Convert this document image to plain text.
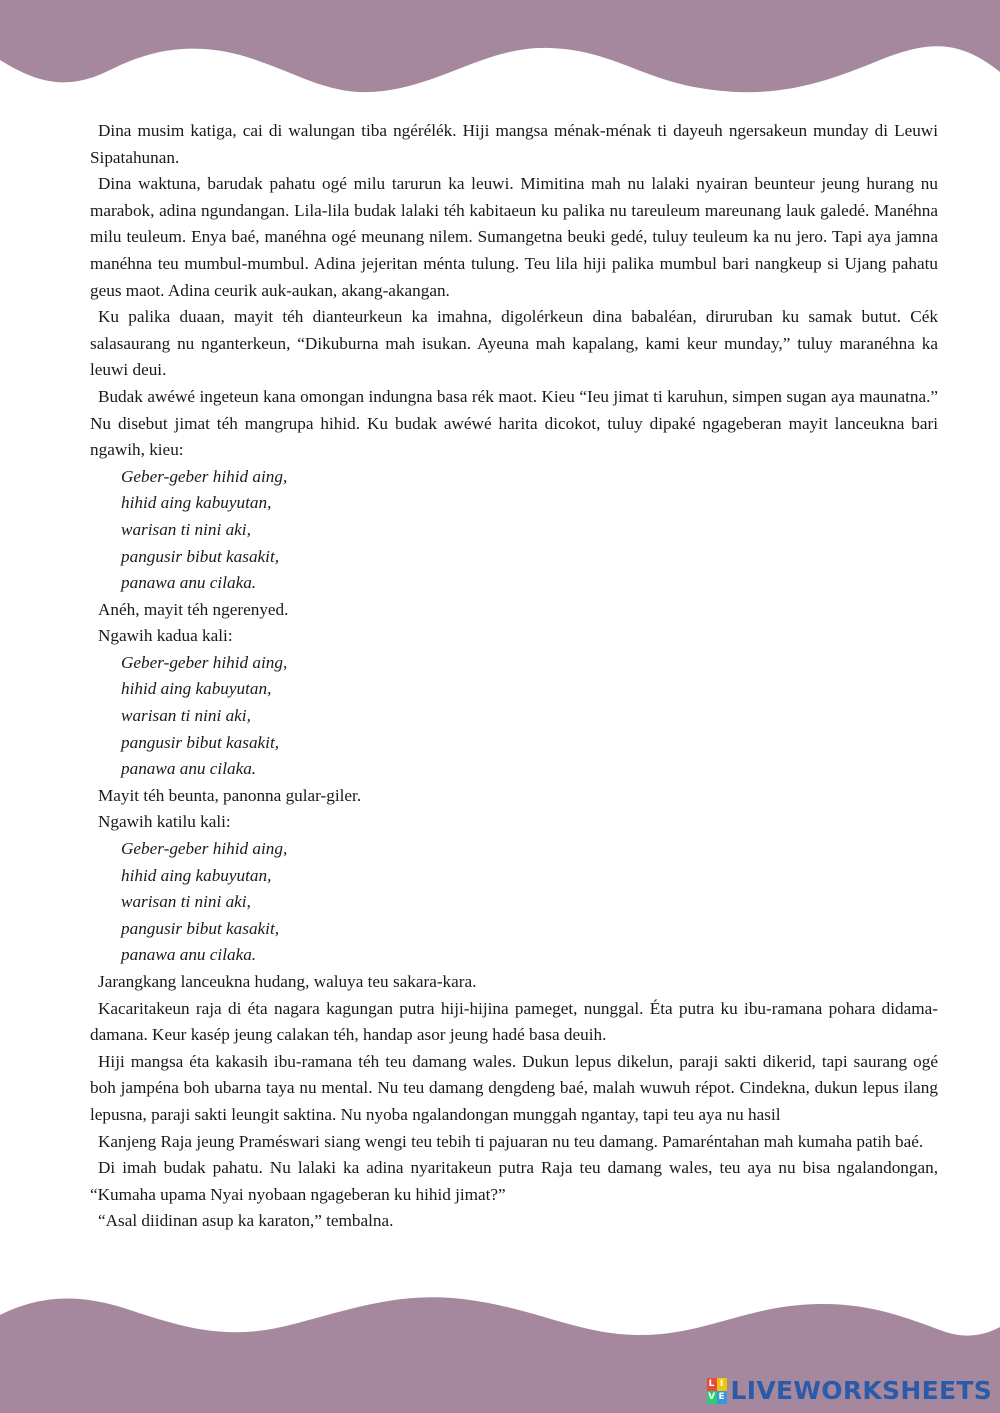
Dina musim katiga, cai di walungan tiba ngérélék. Hiji mangsa ménak-ménak ti dayeuh ngersakeun munday di Leuwi Sipatahunan.

Dina waktuna, barudak pahatu ogé milu tarurun ka leuwi. Mimitina mah nu lalaki nyairan beunteur jeung hurang nu marabok, adina ngundangan. Lila-lila budak lalaki téh kabitaeun ku palika nu tareuleum mareunang lauk galedé. Manéhna milu teuleum. Enya baé, manéhna ogé meunang nilem. Sumangetna beuki gedé, tuluy teuleum ka nu jero. Tapi aya jamna manéhna teu mumbul-mumbul. Adina jejeritan ménta tulung. Teu lila hiji palika mumbul bari nangkeup si Ujang pahatu geus maot. Adina ceurik auk-aukan, akang-akangan.

Ku palika duaan, mayit téh dianteurkeun ka imahna, digolérkeun dina babaléan, diruruban ku samak butut. Cék salasaurang nu nganterkeun, “Dikuburna mah isukan. Ayeuna mah kapalang, kami keur munday,” tuluy maranéhna ka leuwi deui.

Budak awéwé ingeteun kana omongan indungna basa rék maot. Kieu “Ieu jimat ti karuhun, simpen sugan aya maunatna.” Nu disebut jimat téh mangrupa hihid. Ku budak awéwé harita dicokot, tuluy dipaké ngageberan mayit lanceukna bari ngawih, kieu:

Geber-geber hihid aing,
hihid aing kabuyutan,
warisan ti nini aki,
pangusir bibut kasakit,
panawa anu cilaka.

Anéh, mayit téh ngerenyed.

Ngawih kadua kali:

Geber-geber hihid aing,
hihid aing kabuyutan,
warisan ti nini aki,
pangusir bibut kasakit,
panawa anu cilaka.

Mayit téh beunta, panonna gular-giler.

Ngawih katilu kali:

Geber-geber hihid aing,
hihid aing kabuyutan,
warisan ti nini aki,
pangusir bibut kasakit,
panawa anu cilaka.

Jarangkang lanceukna hudang, waluya teu sakara-kara.

Kacaritakeun raja di éta nagara kagungan putra hiji-hijina pameget, nunggal. Éta putra ku ibu-ramana pohara didama-damana. Keur kasép jeung calakan téh, handap asor jeung hadé basa deuih.

Hiji mangsa éta kakasih ibu-ramana téh teu damang wales. Dukun lepus dikelun, paraji sakti dikerid, tapi saurang ogé boh jampéna boh ubarna taya nu mental. Nu teu damang dengdeng baé, malah wuwuh répot. Cindekna, dukun lepus ilang lepusna, paraji sakti leungit saktina. Nu nyoba ngalandongan munggah ngantay, tapi teu aya nu hasil

Kanjeng Raja jeung Praméswari siang wengi teu tebih ti pajuaran nu teu damang. Pamaréntahan mah kumaha patih baé.

Di imah budak pahatu. Nu lalaki ka adina nyaritakeun putra Raja teu damang wales, teu aya nu bisa ngalandongan, “Kumaha upama Nyai nyobaan ngageberan ku hihid jimat?”

“Asal diidinan asup ka karaton,” tembalna.

L I
V E LIVEWORKSHEETS
